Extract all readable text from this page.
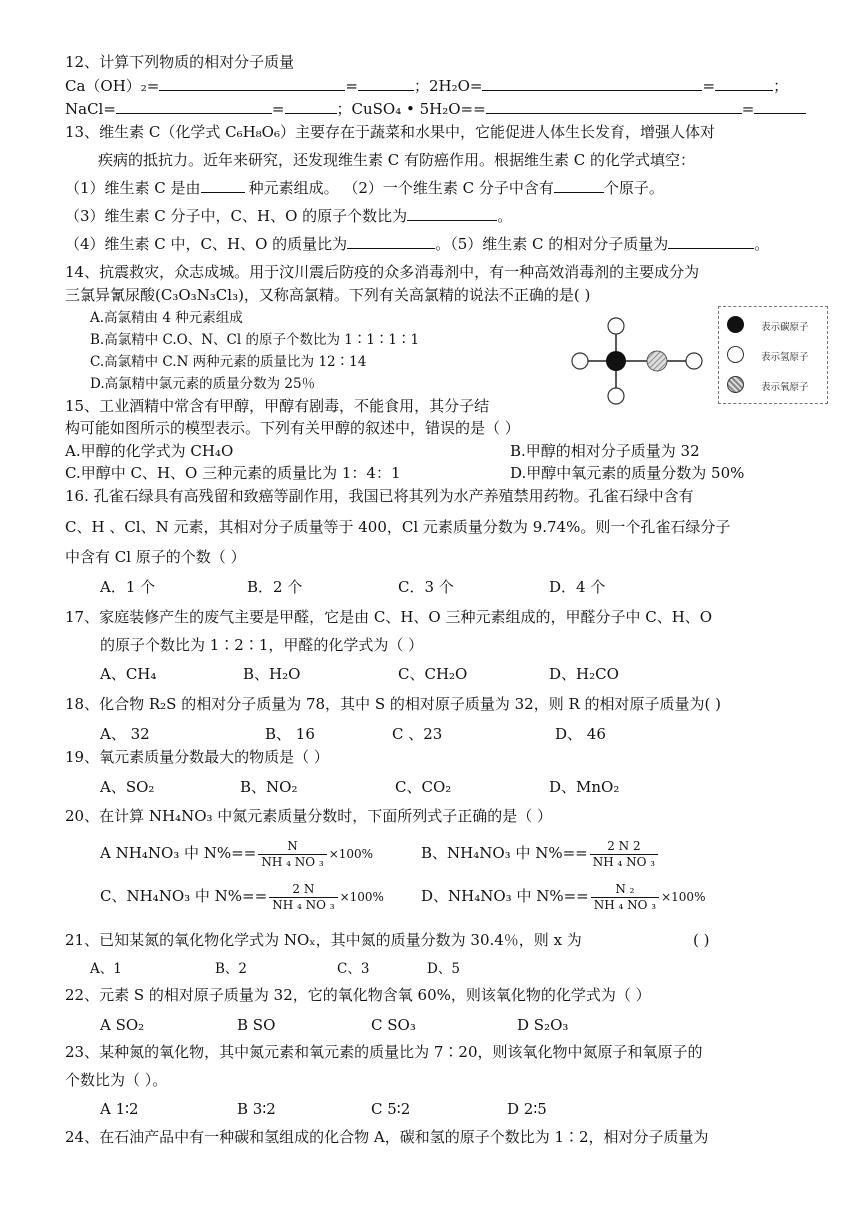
12、计算下列物质的相对分子质量
Ca（OH）₂=	=	；2H₂O=	=	；
NaCl=	=	；CuSO₄ • 5H₂O==	=
13、维生素 C（化学式 C₆H₈O₆）主要存在于蔬菜和水果中，它能促进人体生长发育，增强人体对
疾病的抵抗力。近年来研究，还发现维生素 C 有防癌作用。根据维生素 C 的化学式填空：
（1）维生素 C 是由	种元素组成。 （2）一个维生素 C 分子中含有	个原子。
（3）维生素 C 分子中，C、H、O 的原子个数比为	。
（4）维生素 C 中，C、H、O 的质量比为	。（5）维生素 C 的相对分子质量为	。
14、抗震救灾，众志成城。用于汶川震后防疫的众多消毒剂中，有一种高效消毒剂的主要成分为
三氯异氰尿酸(C₃O₃N₃Cl₃)，又称高氯精。下列有关高氯精的说法不正确的是( )
A.高氯精由 4 种元素组成
B.高氯精中 C.O、N、Cl 的原子个数比为 1∶1∶1∶1
C.高氯精中 C.N 两种元素的质量比为 12∶14
D.高氯精中氯元素的质量分数为 25％
表示碳原子
表示氢原子
表示氧原子
15、工业酒精中常含有甲醇，甲醇有剧毒，不能食用，其分子结
构可能如图所示的模型表示。下列有关甲醇的叙述中，错误的是（ ）
A.甲醇的化学式为 CH₄O	B.甲醇的相对分子质量为 32
C.甲醇中 C、H、O 三种元素的质量比为 1：4：1	D.甲醇中氧元素的质量分数为 50%
16. 孔雀石绿具有高残留和致癌等副作用，我国已将其列为水产养殖禁用药物。孔雀石绿中含有
C、H 、Cl、N 元素，其相对分子质量等于 400，Cl 元素质量分数为 9.74%。则一个孔雀石绿分子
中含有 Cl 原子的个数（ ）
A．1 个	B．2 个	C．3 个	D．4 个
17、家庭装修产生的废气主要是甲醛，它是由 C、H、O 三种元素组成的，甲醛分子中 C、H、O
的原子个数比为 1∶2∶1，甲醛的化学式为（ ）
A、CH₄	B、H₂O	C、CH₂O	D、H₂CO
18、化合物 R₂S 的相对分子质量为 78，其中 S 的相对原子质量为 32，则 R 的相对原子质量为( )
A、 32	B、 16	C 、23	D、 46
19、氧元素质量分数最大的物质是（ ）
A、SO₂	B、NO₂	C、CO₂	D、MnO₂
20、在计算 NH₄NO₃ 中氮元素质量分数时，下面所列式子正确的是（ ）
A NH₄NO₃ 中 $N\%== \frac{N}{\text{NH ₄ NO ₃}} \times 100\%$	B、NH₄NO₃ 中 $N\%== \frac{2 N 2}{\text{NH ₄ NO ₃}}$
C、NH₄NO₃ 中 $N\%== \frac{2 N}{\text{NH ₄ NO ₃}} \times 100\%$ D、NH₄NO₃ 中 $N\%== \frac{\text{N ₂}}{\text{NH ₄ NO ₃}} \times 100\%$
21、已知某氮的氧化物化学式为 NOₓ，其中氮的质量分数为 30.4％，则 x 为	( )
A、1	B、2	C、3	D、5
22、元素 S 的相对原子质量为 32，它的氧化物含氧 60%，则该氧化物的化学式为（ ）
A SO₂	B SO	C SO₃	D S₂O₃
23、某种氮的氧化物，其中氮元素和氧元素的质量比为 7∶20，则该氧化物中氮原子和氧原子的
个数比为（ ）。
A 1∶2	B 3∶2	C 5∶2	D 2∶5
24、在石油产品中有一种碳和氢组成的化合物 A，碳和氢的原子个数比为 1∶2，相对分子质量为
